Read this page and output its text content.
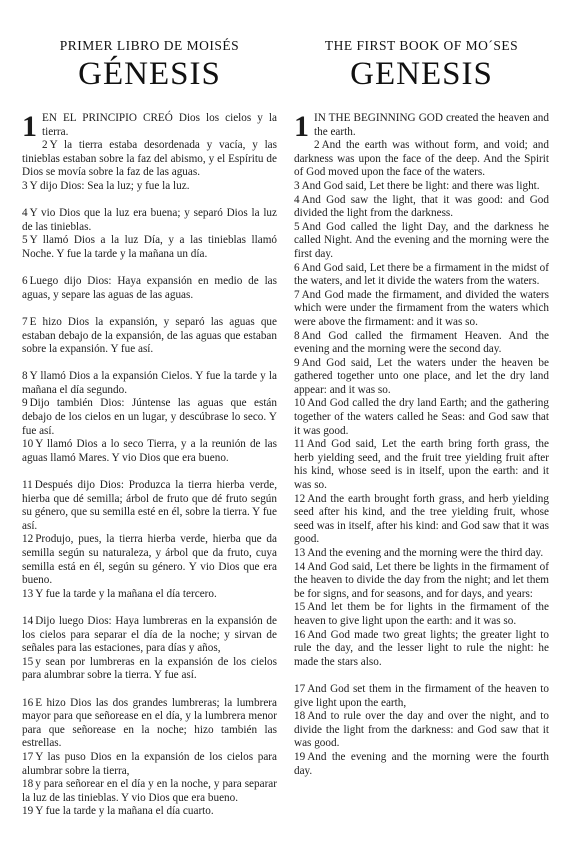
PRIMER LIBRO DE MOISÉS
GÉNESIS

1 EN EL PRINCIPIO CREÓ Dios los cielos y la tierra.

2 Y la tierra estaba desordenada y vacía, y las tinieblas estaban sobre la faz del abismo, y el Espíritu de Dios se movía sobre la faz de las aguas.

3 Y dijo Dios: Sea la luz; y fue la luz.

4 Y vio Dios que la luz era buena; y separó Dios la luz de las tinieblas.

5 Y llamó Dios a la luz Día, y a las tinieblas llamó Noche. Y fue la tarde y la mañana un día.

6 Luego dijo Dios: Haya expansión en medio de las aguas, y separe las aguas de las aguas.

7 E hizo Dios la expansión, y separó las aguas que estaban debajo de la expansión, de las aguas que estaban sobre la expansión. Y fue así.

8 Y llamó Dios a la expansión Cielos. Y fue la tarde y la mañana el día segundo.

9 Dijo también Dios: Júntense las aguas que están debajo de los cielos en un lugar, y descúbrase lo seco. Y fue así.

10 Y llamó Dios a lo seco Tierra, y a la reunión de las aguas llamó Mares. Y vio Dios que era bueno.

11 Después dijo Dios: Produzca la tierra hierba verde, hierba que dé semilla; árbol de fruto que dé fruto según su género, que su semilla esté en él, sobre la tierra. Y fue así.

12 Produjo, pues, la tierra hierba verde, hierba que da semilla según su naturaleza, y árbol que da fruto, cuya semilla está en él, según su género. Y vio Dios que era bueno.

13 Y fue la tarde y la mañana el día tercero.

14 Dijo luego Dios: Haya lumbreras en la expansión de los cielos para separar el día de la noche; y sirvan de señales para las estaciones, para días y años,

15 y sean por lumbreras en la expansión de los cielos para alumbrar sobre la tierra. Y fue así.

16 E hizo Dios las dos grandes lumbreras; la lumbrera mayor para que señorease en el día, y la lumbrera menor para que señorease en la noche; hizo también las estrellas.

17 Y las puso Dios en la expansión de los cielos para alumbrar sobre la tierra,

18 y para señorear en el día y en la noche, y para separar la luz de las tinieblas. Y vio Dios que era bueno.

19 Y fue la tarde y la mañana el día cuarto.

THE FIRST BOOK OF MO´SES
GENESIS

1 IN THE BEGINNING GOD created the heaven and the earth.

2 And the earth was without form, and void; and darkness was upon the face of the deep. And the Spirit of God moved upon the face of the waters.

3 And God said, Let there be light: and there was light.

4 And God saw the light, that it was good: and God divided the light from the darkness.

5 And God called the light Day, and the darkness he called Night. And the evening and the morning were the first day.

6 And God said, Let there be a firmament in the midst of the waters, and let it divide the waters from the waters.

7 And God made the firmament, and divided the waters which were under the firmament from the waters which were above the firmament: and it was so.

8 And God called the firmament Heaven. And the evening and the morning were the second day.

9 And God said, Let the waters under the heaven be gathered together unto one place, and let the dry land appear: and it was so.

10 And God called the dry land Earth; and the gathering together of the waters called he Seas: and God saw that it was good.

11 And God said, Let the earth bring forth grass, the herb yielding seed, and the fruit tree yielding fruit after his kind, whose seed is in itself, upon the earth: and it was so.

12 And the earth brought forth grass, and herb yielding seed after his kind, and the tree yielding fruit, whose seed was in itself, after his kind: and God saw that it was good.

13 And the evening and the morning were the third day.

14 And God said, Let there be lights in the firmament of the heaven to divide the day from the night; and let them be for signs, and for seasons, and for days, and years:

15 And let them be for lights in the firmament of the heaven to give light upon the earth: and it was so.

16 And God made two great lights; the greater light to rule the day, and the lesser light to rule the night: he made the stars also.

17 And God set them in the firmament of the heaven to give light upon the earth,

18 And to rule over the day and over the night, and to divide the light from the darkness: and God saw that it was good.

19 And the evening and the morning were the fourth day.
